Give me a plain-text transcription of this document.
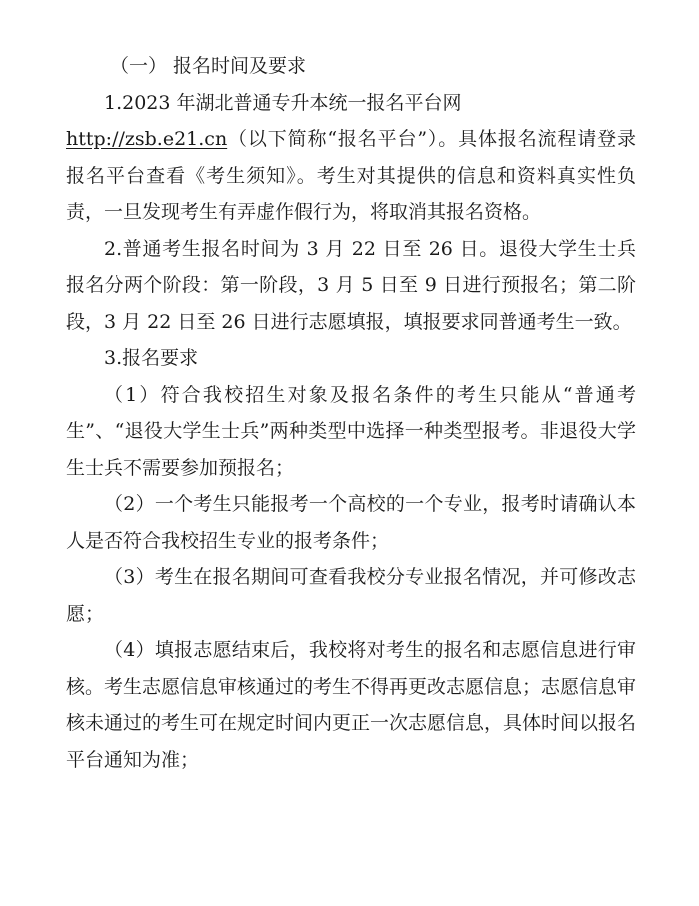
（一） 报名时间及要求

1.2023 年湖北普通专升本统一报名平台网
http://zsb.e21.cn（以下简称“报名平台”）。具体报名流程请登录报名平台查看《考生须知》。考生对其提供的信息和资料真实性负责，一旦发现考生有弄虚作假行为，将取消其报名资格。

2.普通考生报名时间为 3 月 22 日至 26 日。退役大学生士兵报名分两个阶段：第一阶段，3 月 5 日至 9 日进行预报名；第二阶段，3 月 22 日至 26 日进行志愿填报，填报要求同普通考生一致。

3.报名要求

（1）符合我校招生对象及报名条件的考生只能从“普通考生”、“退役大学生士兵”两种类型中选择一种类型报考。非退役大学生士兵不需要参加预报名；

（2）一个考生只能报考一个高校的一个专业，报考时请确认本人是否符合我校招生专业的报考条件；

（3）考生在报名期间可查看我校分专业报名情况，并可修改志愿；

（4）填报志愿结束后，我校将对考生的报名和志愿信息进行审核。考生志愿信息审核通过的考生不得再更改志愿信息；志愿信息审核未通过的考生可在规定时间内更正一次志愿信息，具体时间以报名平台通知为准；
